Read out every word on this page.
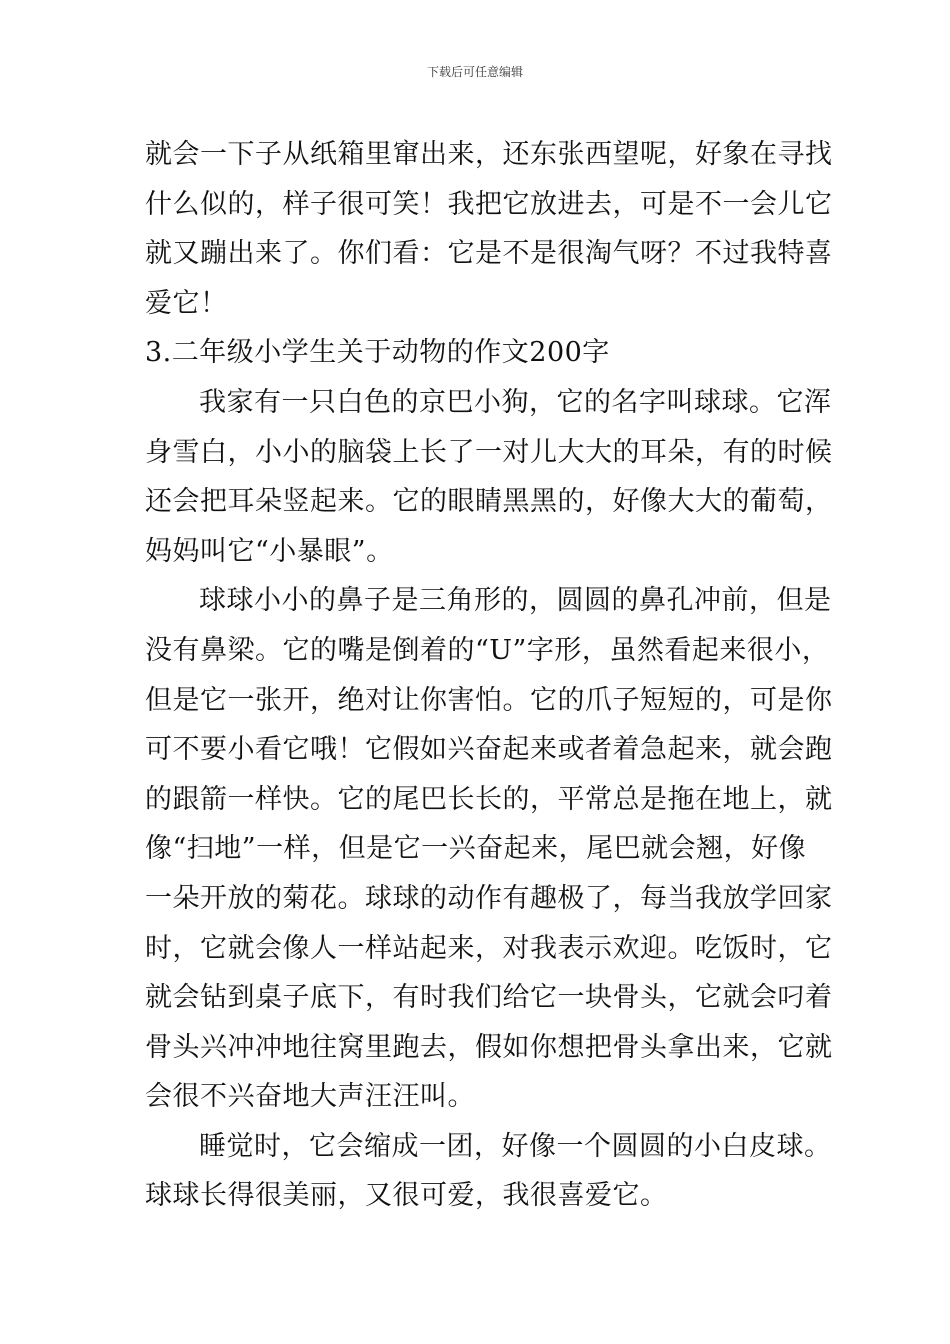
下载后可任意编辑
就会一下子从纸箱里窜出来，还东张西望呢，好象在寻找
什么似的，样子很可笑！我把它放进去，可是不一会儿它
就又蹦出来了。你们看：它是不是很淘气呀？不过我特喜
爱它！
3.二年级小学生关于动物的作文200字
我家有一只白色的京巴小狗，它的名字叫球球。它浑
身雪白，小小的脑袋上长了一对儿大大的耳朵，有的时候
还会把耳朵竖起来。它的眼睛黑黑的，好像大大的葡萄，
妈妈叫它“小暴眼”。
球球小小的鼻子是三角形的，圆圆的鼻孔冲前，但是
没有鼻梁。它的嘴是倒着的“U”字形，虽然看起来很小，
但是它一张开，绝对让你害怕。它的爪子短短的，可是你
可不要小看它哦！它假如兴奋起来或者着急起来，就会跑
的跟箭一样快。它的尾巴长长的，平常总是拖在地上，就
像“扫地”一样，但是它一兴奋起来，尾巴就会翘，好像
一朵开放的菊花。球球的动作有趣极了，每当我放学回家
时，它就会像人一样站起来，对我表示欢迎。吃饭时，它
就会钻到桌子底下，有时我们给它一块骨头，它就会叼着
骨头兴冲冲地往窝里跑去，假如你想把骨头拿出来，它就
会很不兴奋地大声汪汪叫。
睡觉时，它会缩成一团，好像一个圆圆的小白皮球。
球球长得很美丽，又很可爱，我很喜爱它。
